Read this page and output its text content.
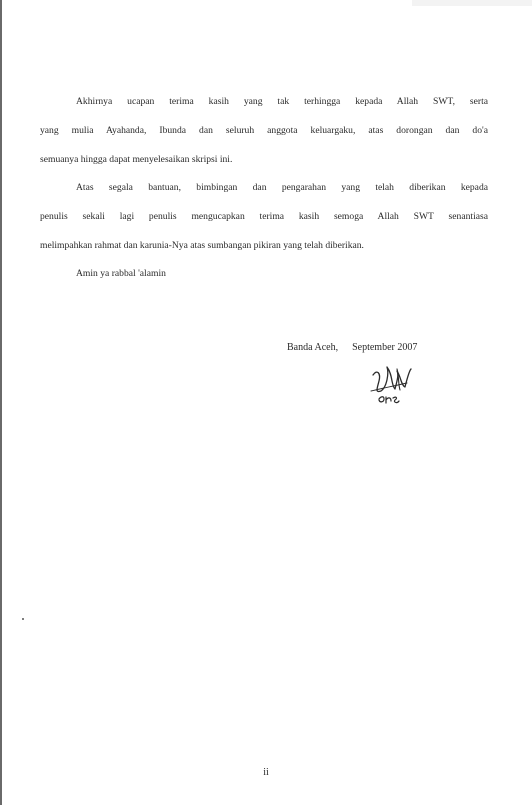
Akhirnya ucapan terima kasih yang tak terhingga kepada Allah SWT, serta
yang mulia Ayahanda, Ibunda dan seluruh anggota keluargaku, atas dorongan dan do'a
semuanya hingga dapat menyelesaikan skripsi ini.

Atas segala bantuan, bimbingan dan pengarahan yang telah diberikan kepada
penulis sekali lagi penulis mengucapkan terima kasih semoga Allah SWT senantiasa
melimpahkan rahmat dan karunia-Nya atas sumbangan pikiran yang telah diberikan.

Amin ya rabbal 'alamin

Banda Aceh, September 2007
ii
